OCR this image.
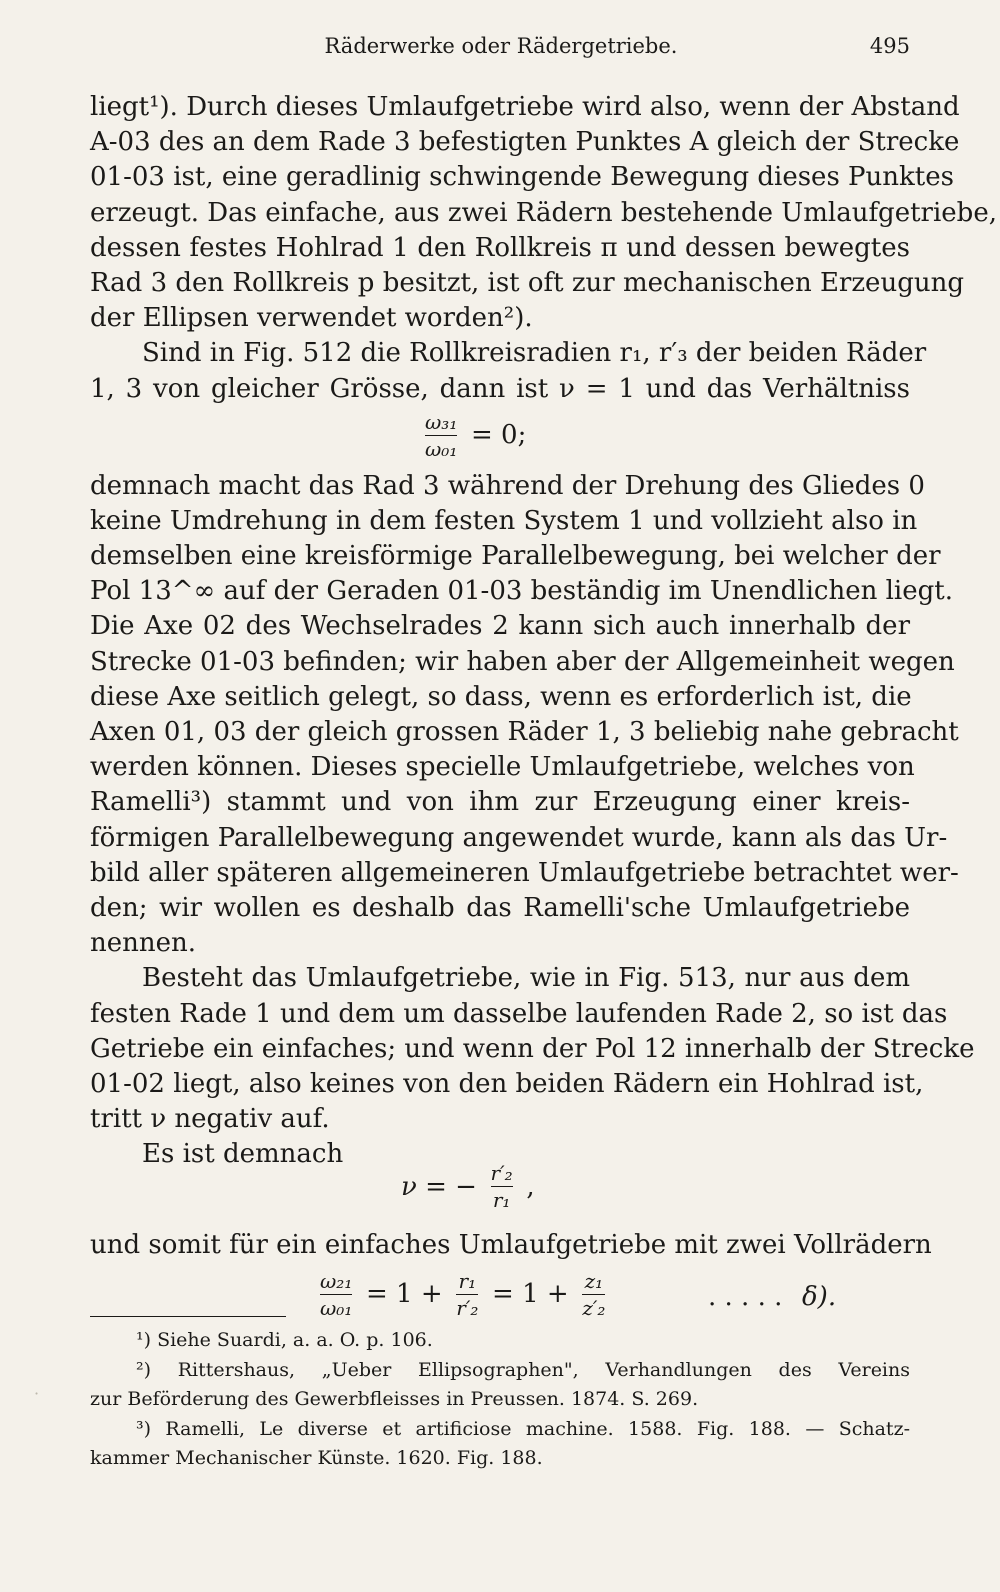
Räderwerke oder Rädergetriebe.	495
liegt¹). Durch dieses Umlaufgetriebe wird also, wenn der Abstand
A-03 des an dem Rade 3 befestigten Punktes A gleich der Strecke
01-03 ist, eine geradlinig schwingende Bewegung dieses Punktes
erzeugt. Das einfache, aus zwei Rädern bestehende Umlaufgetriebe,
dessen festes Hohlrad 1 den Rollkreis π und dessen bewegtes
Rad 3 den Rollkreis p besitzt, ist oft zur mechanischen Erzeugung
der Ellipsen verwendet worden²).
Sind in Fig. 512 die Rollkreisradien r₁, r′₃ der beiden Räder
1, 3 von gleicher Grösse, dann ist ν = 1 und das Verhältniss
$\frac{\text{ω₃₁}}{\text{ω₀₁}} = 0$;
demnach macht das Rad 3 während der Drehung des Gliedes 0
keine Umdrehung in dem festen System 1 und vollzieht also in
demselben eine kreisförmige Parallelbewegung, bei welcher der
Pol 13^∞ auf der Geraden 01-03 beständig im Unendlichen liegt.
Die Axe 02 des Wechselrades 2 kann sich auch innerhalb der
Strecke 01-03 befinden; wir haben aber der Allgemeinheit wegen
diese Axe seitlich gelegt, so dass, wenn es erforderlich ist, die
Axen 01, 03 der gleich grossen Räder 1, 3 beliebig nahe gebracht
werden können. Dieses specielle Umlaufgetriebe, welches von
Ramelli³) stammt und von ihm zur Erzeugung einer kreis-
förmigen Parallelbewegung angewendet wurde, kann als das Ur-
bild aller späteren allgemeineren Umlaufgetriebe betrachtet wer-
den; wir wollen es deshalb das Ramelli'sche Umlaufgetriebe
nennen.
Besteht das Umlaufgetriebe, wie in Fig. 513, nur aus dem
festen Rade 1 und dem um dasselbe laufenden Rade 2, so ist das
Getriebe ein einfaches; und wenn der Pol 12 innerhalb der Strecke
01-02 liegt, also keines von den beiden Rädern ein Hohlrad ist,
tritt ν negativ auf.
Es ist demnach
ν = − $\frac{\text{r′₂}}{\text{r₁}}$ ,
und somit für ein einfaches Umlaufgetriebe mit zwei Vollrädern
$\frac{\text{ω₂₁}}{\text{ω₀₁}} = 1 + \frac{\text{r₁}}{\text{r′₂}} = 1 + \frac{\text{z₁}}{\text{z′₂}}$	. . . . . δ).
¹) Siehe Suardi, a. a. O. p. 106.
²) Rittershaus, „Ueber Ellipsographen", Verhandlungen des Vereins
zur Beförderung des Gewerbfleisses in Preussen. 1874. S. 269.
³) Ramelli, Le diverse et artificiose machine. 1588. Fig. 188. — Schatz-
kammer Mechanischer Künste. 1620. Fig. 188.
·
